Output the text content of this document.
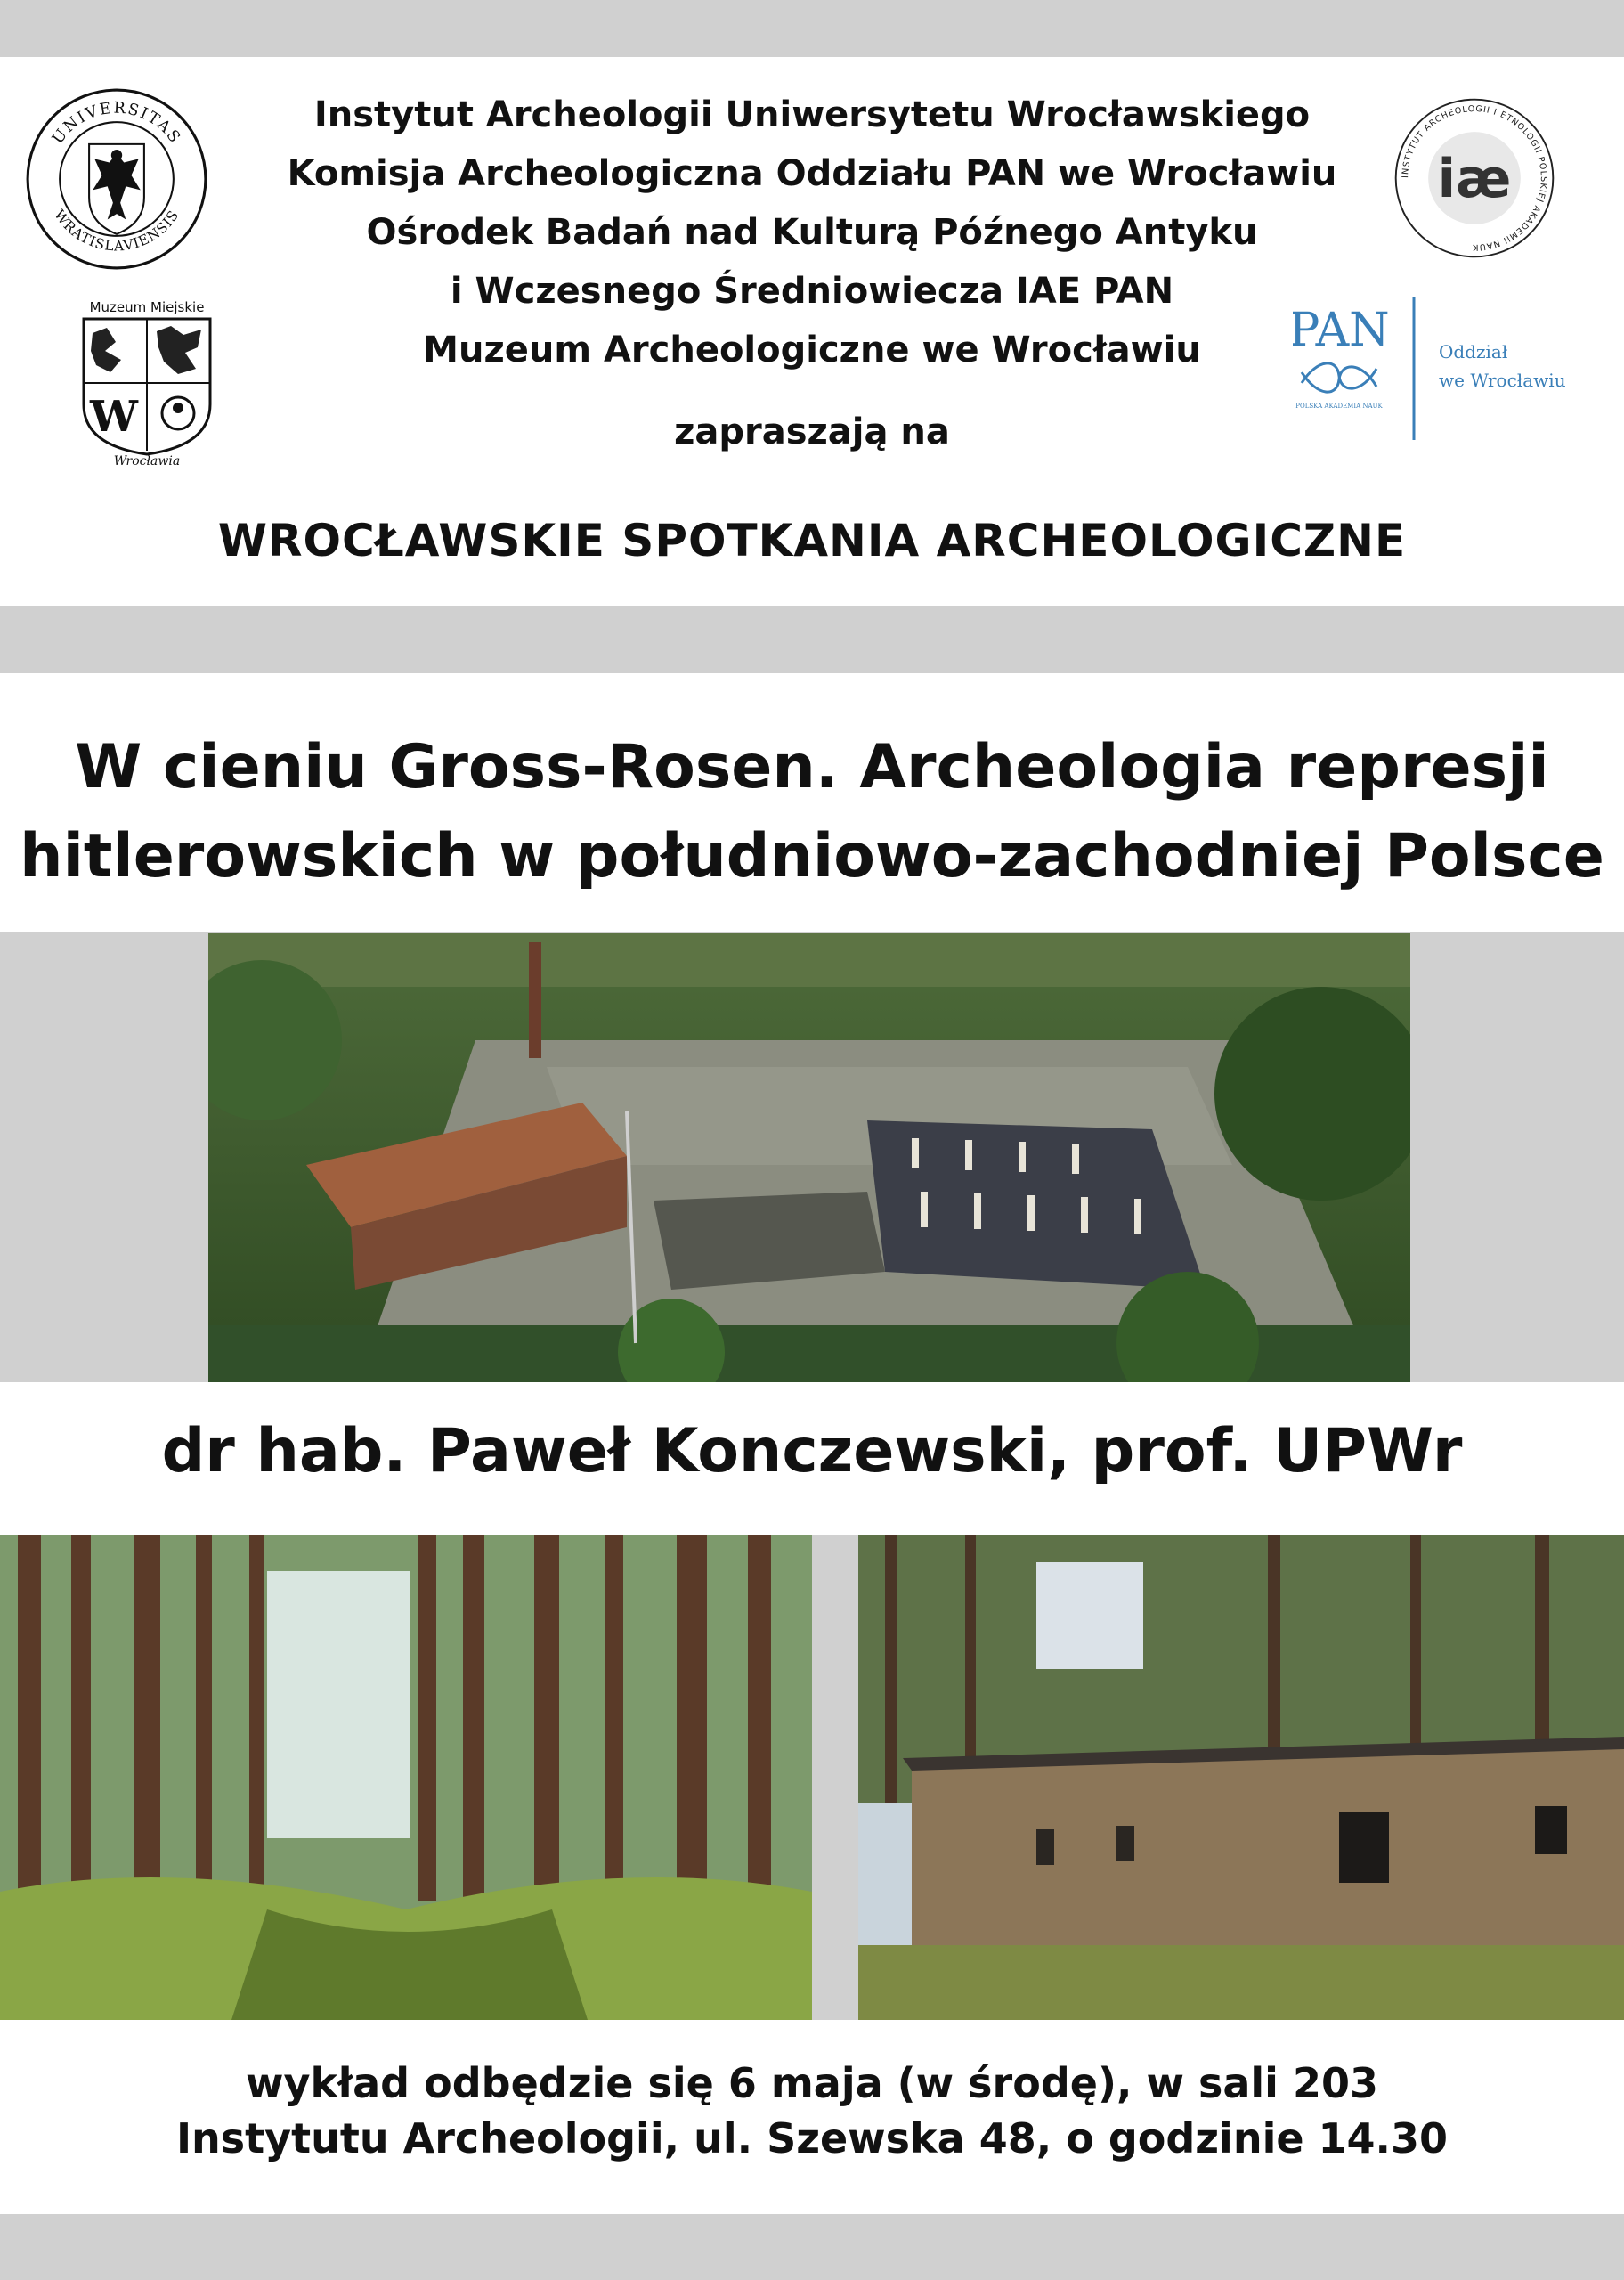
UNIVERSITAS
WRATISLAVIENSIS
Muzeum Miejskie
W
Wrocławia
INSTYTUT ARCHEOLOGII I ETNOLOGII POLSKIEJ AKADEMII NAUK
iæ
PAN
POLSKA AKADEMIA NAUK
Oddział
we Wrocławiu
Instytut Archeologii Uniwersytetu Wrocławskiego
Komisja Archeologiczna Oddziału PAN we Wrocławiu
Ośrodek Badań nad Kulturą Późnego Antyku
i Wczesnego Średniowiecza IAE PAN
Muzeum Archeologiczne we Wrocławiu
zapraszają na
WROCŁAWSKIE SPOTKANIA ARCHEOLOGICZNE
W cieniu Gross-Rosen. Archeologia represji
hitlerowskich w południowo-zachodniej Polsce
dr hab. Paweł Konczewski, prof. UPWr
wykład odbędzie się 6 maja (w środę), w sali 203
Instytutu Archeologii, ul. Szewska 48, o godzinie 14.30
